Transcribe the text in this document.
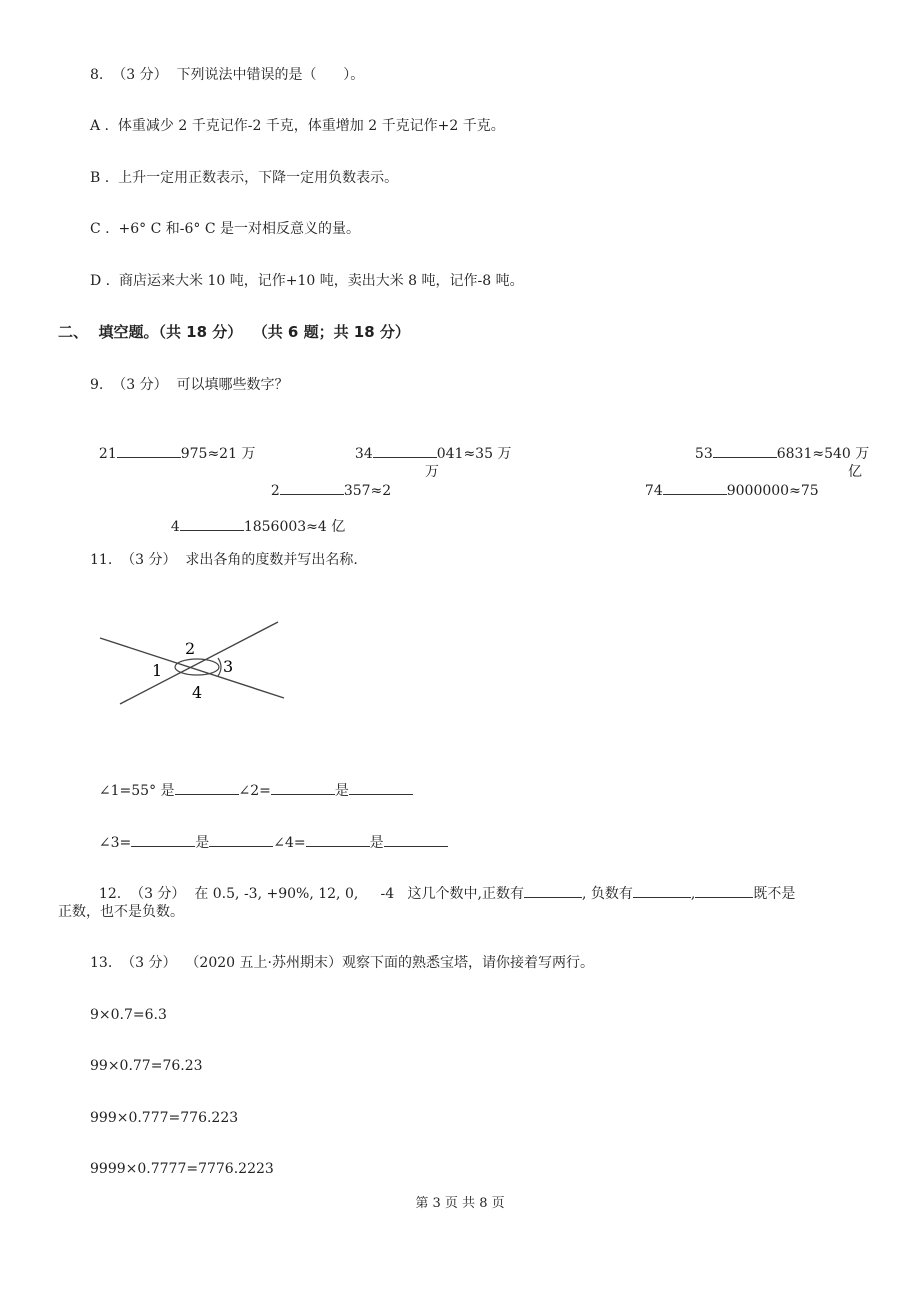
8.  （3 分）  下列说法中错误的是（      ）。
A .  体重减少 2 千克记作-2 千克，体重增加 2 千克记作+2 千克。
B .  上升一定用正数表示，下降一定用负数表示。
C .  +6° C 和-6° C 是一对相反意义的量。
D .  商店运来大米 10 吨，记作+10 吨，卖出大米 8 吨，记作-8 吨。
二、  填空题。（共 18 分）  （共 6 题；共 18 分）
9.  （3 分）  可以填哪些数字？

21	975≈21 万	34	041≈35 万	53	6831≈540 万

2	357≈2

万

74	9000000≈75

亿

4	1856003≈4 亿

11.  （3 分）  求出各角的度数并写出名称.
2
1	3
4

∠1=55° 是	∠2=	是

∠3=	是	∠4=	是

12.  （3 分）  在 0.5, -3, +90%, 12, 0,     -4   这几个数中,正数有	, 负数有	,	既不是

正数，也不是负数。
13.  （3 分）  （2020 五上·苏州期末）观察下面的熟悉宝塔，请你接着写两行。
9×0.7=6.3
99×0.77=76.23
999×0.777=776.223
9999×0.7777=7776.2223
第 3 页 共 8 页
